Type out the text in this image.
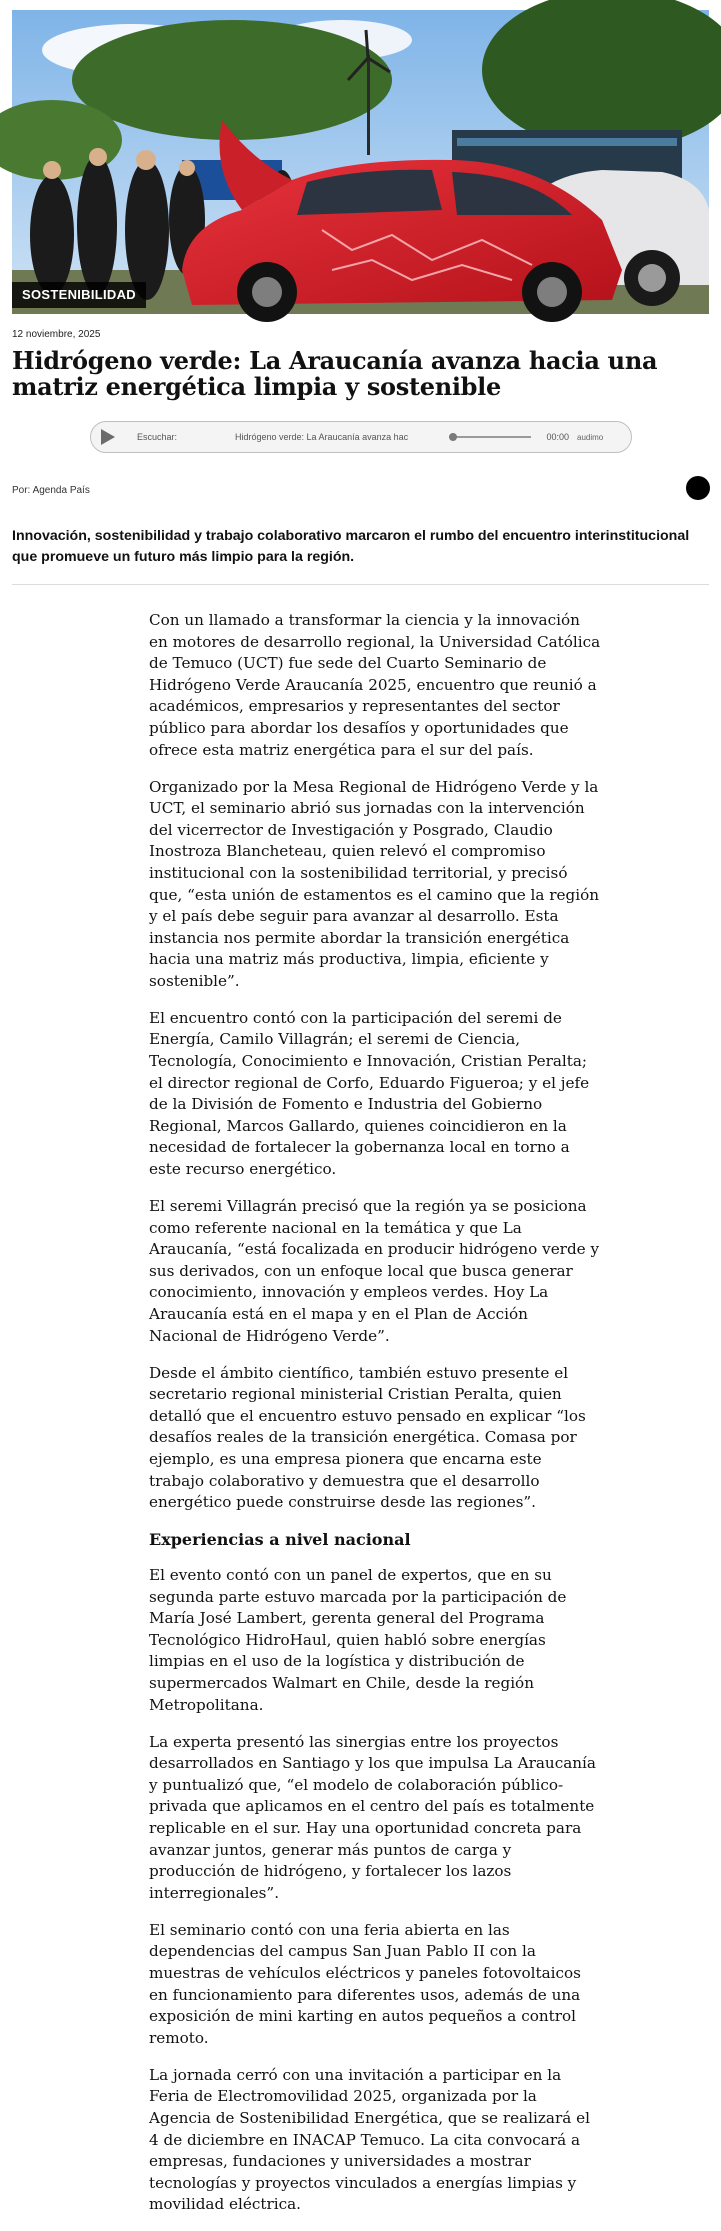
SOSTENIBILIDAD
12 noviembre, 2025
Hidrógeno verde: La Araucanía avanza hacia una matriz energética limpia y sostenible
Escuchar:	Hidrógeno verde: La Araucanía avanza hac	00:00 audimo
Por: Agenda País

Innovación, sostenibilidad y trabajo colaborativo marcaron el rumbo del encuentro interinstitucional que promueve un futuro más limpio para la región.

Con un llamado a transformar la ciencia y la innovación en motores de desarrollo regional, la Universidad Católica de Temuco (UCT) fue sede del Cuarto Seminario de Hidrógeno Verde Araucanía 2025, encuentro que reunió a académicos, empresarios y representantes del sector público para abordar los desafíos y oportunidades que ofrece esta matriz energética para el sur del país.

Organizado por la Mesa Regional de Hidrógeno Verde y la UCT, el seminario abrió sus jornadas con la intervención del vicerrector de Investigación y Posgrado, Claudio Inostroza Blancheteau, quien relevó el compromiso institucional con la sostenibilidad territorial, y precisó que, “esta unión de estamentos es el camino que la región y el país debe seguir para avanzar al desarrollo. Esta instancia nos permite abordar la transición energética hacia una matriz más productiva, limpia, eficiente y sostenible”.

El encuentro contó con la participación del seremi de Energía, Camilo Villagrán; el seremi de Ciencia, Tecnología, Conocimiento e Innovación, Cristian Peralta; el director regional de Corfo, Eduardo Figueroa; y el jefe de la División de Fomento e Industria del Gobierno Regional, Marcos Gallardo, quienes coincidieron en la necesidad de fortalecer la gobernanza local en torno a este recurso energético.

El seremi Villagrán precisó que la región ya se posiciona como referente nacional en la temática y que La Araucanía, “está focalizada en producir hidrógeno verde y sus derivados, con un enfoque local que busca generar conocimiento, innovación y empleos verdes. Hoy La Araucanía está en el mapa y en el Plan de Acción Nacional de Hidrógeno Verde”.

Desde el ámbito científico, también estuvo presente el secretario regional ministerial Cristian Peralta, quien detalló que el encuentro estuvo pensado en explicar “los desafíos reales de la transición energética. Comasa por ejemplo, es una empresa pionera que encarna este trabajo colaborativo y demuestra que el desarrollo energético puede construirse desde las regiones”.

Experiencias a nivel nacional

El evento contó con un panel de expertos, que en su segunda parte estuvo marcada por la participación de María José Lambert, gerenta general del Programa Tecnológico HidroHaul, quien habló sobre energías limpias en el uso de la logística y distribución de supermercados Walmart en Chile, desde la región Metropolitana.

La experta presentó las sinergias entre los proyectos desarrollados en Santiago y los que impulsa La Araucanía y puntualizó que, “el modelo de colaboración público-privada que aplicamos en el centro del país es totalmente replicable en el sur. Hay una oportunidad concreta para avanzar juntos, generar más puntos de carga y producción de hidrógeno, y fortalecer los lazos interregionales”.

El seminario contó con una feria abierta en las dependencias del campus San Juan Pablo II con la muestras de vehículos eléctricos y paneles fotovoltaicos en funcionamiento para diferentes usos, además de una exposición de mini karting en autos pequeños a control remoto.

La jornada cerró con una invitación a participar en la Feria de Electromovilidad 2025, organizada por la Agencia de Sostenibilidad Energética, que se realizará el 4 de diciembre en INACAP Temuco. La cita convocará a empresas, fundaciones y universidades a mostrar tecnologías y proyectos vinculados a energías limpias y movilidad eléctrica.
